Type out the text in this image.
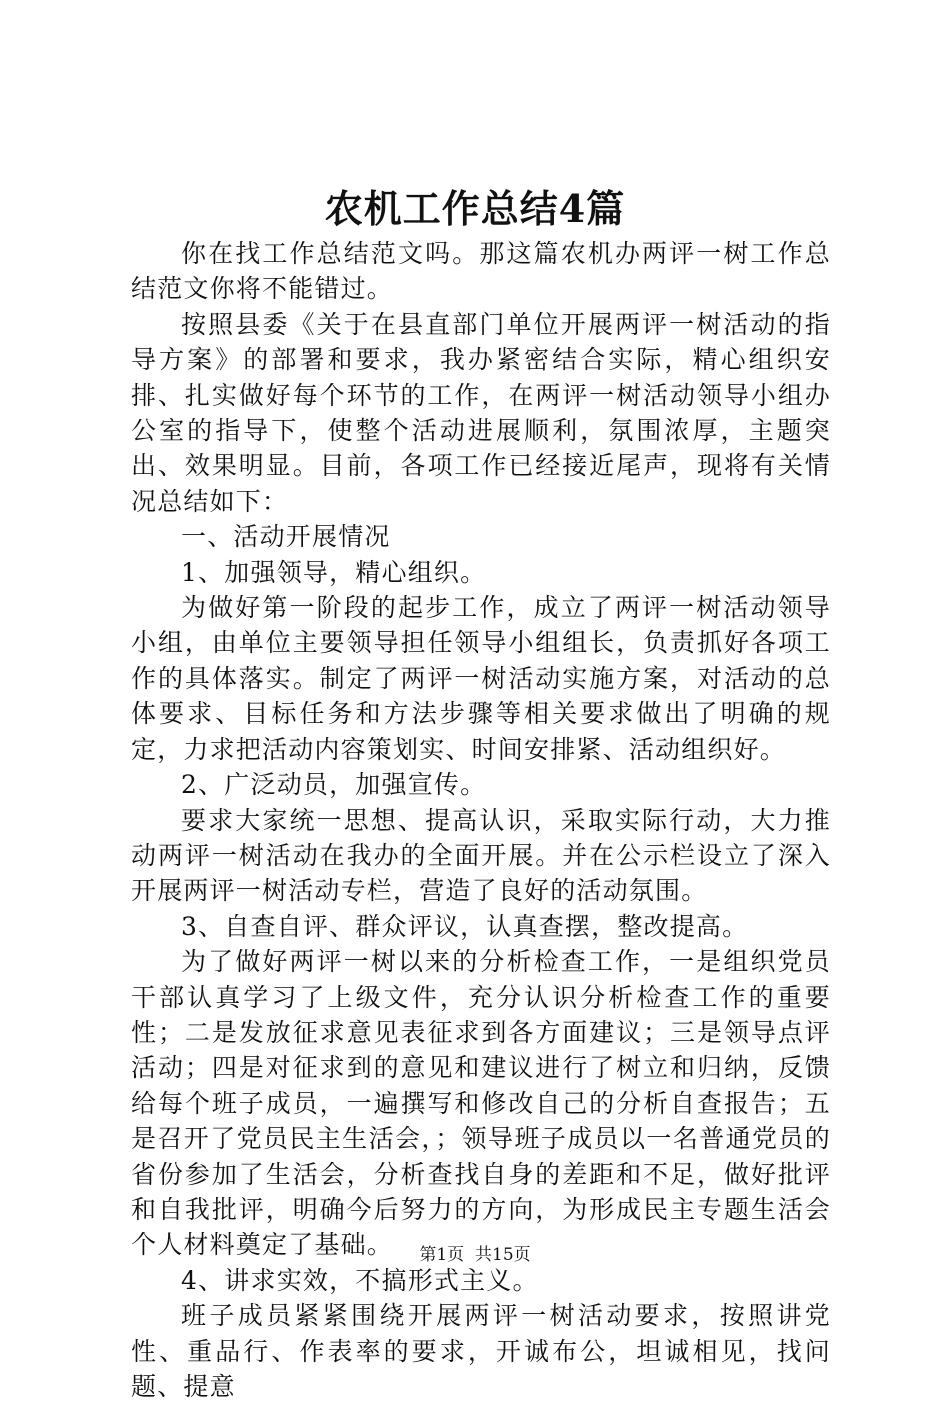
农机工作总结4篇

你在找工作总结范文吗。那这篇农机办两评一树工作总结范文你将不能错过。

按照县委《关于在县直部门单位开展两评一树活动的指导方案》的部署和要求，我办紧密结合实际，精心组织安排、扎实做好每个环节的工作，在两评一树活动领导小组办公室的指导下，使整个活动进展顺利，氛围浓厚，主题突出、效果明显。目前，各项工作已经接近尾声，现将有关情况总结如下：

一、活动开展情况

1、加强领导，精心组织。

为做好第一阶段的起步工作，成立了两评一树活动领导小组，由单位主要领导担任领导小组组长，负责抓好各项工作的具体落实。制定了两评一树活动实施方案，对活动的总体要求、目标任务和方法步骤等相关要求做出了明确的规定，力求把活动内容策划实、时间安排紧、活动组织好。

2、广泛动员，加强宣传。

要求大家统一思想、提高认识，采取实际行动，大力推动两评一树活动在我办的全面开展。并在公示栏设立了深入开展两评一树活动专栏，营造了良好的活动氛围。

3、自查自评、群众评议，认真查摆，整改提高。

为了做好两评一树以来的分析检查工作，一是组织党员干部认真学习了上级文件，充分认识分析检查工作的重要性；二是发放征求意见表征求到各方面建议；三是领导点评活动；四是对征求到的意见和建议进行了树立和归纳，反馈给每个班子成员，一遍撰写和修改自己的分析自查报告；五是召开了党员民主生活会，；领导班子成员以一名普通党员的省份参加了生活会，分析查找自身的差距和不足，做好批评和自我批评，明确今后努力的方向，为形成民主专题生活会个人材料奠定了基础。

4、讲求实效，不搞形式主义。

班子成员紧紧围绕开展两评一树活动要求，按照讲党性、重品行、作表率的要求，开诚布公，坦诚相见，找问题、提意

第1页 共15页
